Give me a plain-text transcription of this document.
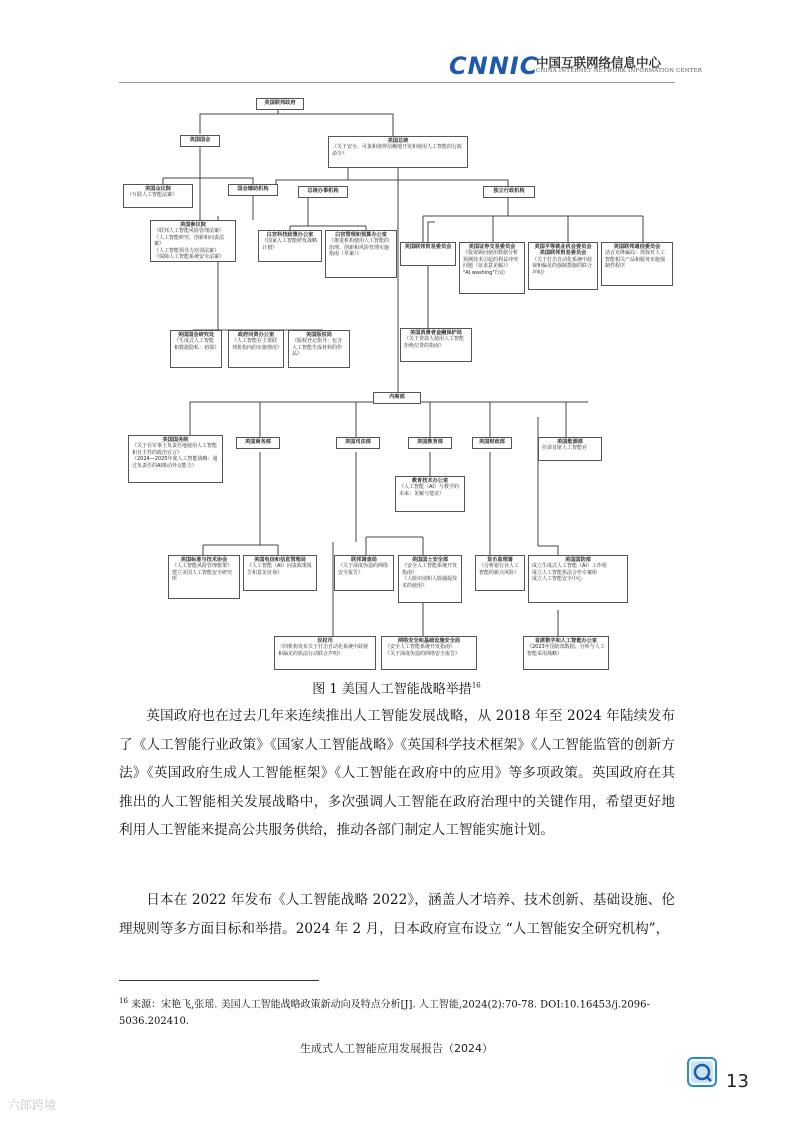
CNNIC
中国互联网络信息中心
CHINA INTERNET NETWORK INFORMATION CENTER
美国联邦政府
美国国会	美国总统
《关于安全、可靠和值得信赖地开发和使用人工智能的行政命令》
美国众议院
《互联人工智能法案》
国会辅助机构
美国参议院
《联邦人工智能风险管理法案》
《人工智能研究、创新和问责法案》
《人工智能领导力培训法案》
《保障人工智能系统安全法案》
总统办事机构	独立行政机构
白宫科技政策办公室
《国家人工智能研发战略计划》
白宫管理和预算办公室
《推进机构使用人工智能的治理、创新和风险管理实施指南（草案）》
美国联邦贸易委员会	美国证券交易委员会
《投资顾问使用数据分析预测技术引起的利益冲突问题（征求意见稿）》
"AI washing"行动
美国平等就业机会委员会 美国联邦贸易委员会
《关于打击自动化系统中歧视和偏见的强制措施的联合声明》
美国联邦通信委员会
话音克隆骗局：授权对人工智能相关产品和服务实施强制性程序
美国国会研究处
《生成式人工智能和数据隐私：初探》
政府问责办公室
《人工智能在主要联邦机构内的实施情况》
美国版权局
《版权登记指导：包含人工智能生成材料的作品》
美国消费者金融保护局
《关于贷款人使用人工智能拒绝信贷的指南》
内阁部
美国国务院
《关于在军事上负责任地使用人工智能和自主性的政治宣言》
《2024—2025年度人工智能战略：通过负责任的AI推动外交能力》
美国商务部	美国司法部	美国教育部	美国财政部	美国能源部
任命首席人工智能官
教育技术办公室
《人工智能（AI）与教学的未来：见解与建议》
美国标准与技术协会
《人工智能风险管理框架》
建立美国人工智能安全研究所
美国电信和信息管理局
《人工智能（AI）问责政策报告和意见征询》
联邦调查局
《关于深度伪造的网络安全报告》
美国国土安全部
《安全人工智能系统开发指南》
《人脸识别和人脸捕捉技术的使用》
货币监理署
《分析银行业人工智能的新兴风险》
美国国防部
成立生成式人工智能（AI）工作组
成立人工智能执法合作专案组
成立人工智能安全中心
民权司
《四机构发布关于打击自动化系统中歧视和偏见的执法行动联合声明》
网络安全和基础设施安全局
《安全人工智能系统开发指南》
《关于深度伪造的网络安全报告》
首席数字和人工智能办公室
《2023年国防部数据、分析与人工智能采用战略》
图 1 美国人工智能战略举措$^{16}$
英国政府也在过去几年来连续推出人工智能发展战略，从 2018 年至 2024 年陆续发布了《人工智能行业政策》《国家人工智能战略》《英国科学技术框架》《人工智能监管的创新方法》《英国政府生成人工智能框架》《人工智能在政府中的应用》等多项政策。英国政府在其推出的人工智能相关发展战略中，多次强调人工智能在政府治理中的关键作用，希望更好地利用人工智能来提高公共服务供给，推动各部门制定人工智能实施计划。
日本在 2022 年发布《人工智能战略 2022》，涵盖人才培养、技术创新、基础设施、伦理规则等多方面目标和举措。2024 年 2 月，日本政府宣布设立 “人工智能安全研究机构”，
$^{16}$ 来源：宋艳飞,张瑶. 美国人工智能战略政策新动向及特点分析[J]. 人工智能,2024(2):70-78. DOI:10.16453/j.2096-5036.202410.
生成式人工智能应用发展报告（2024）
13
六郎跨境
